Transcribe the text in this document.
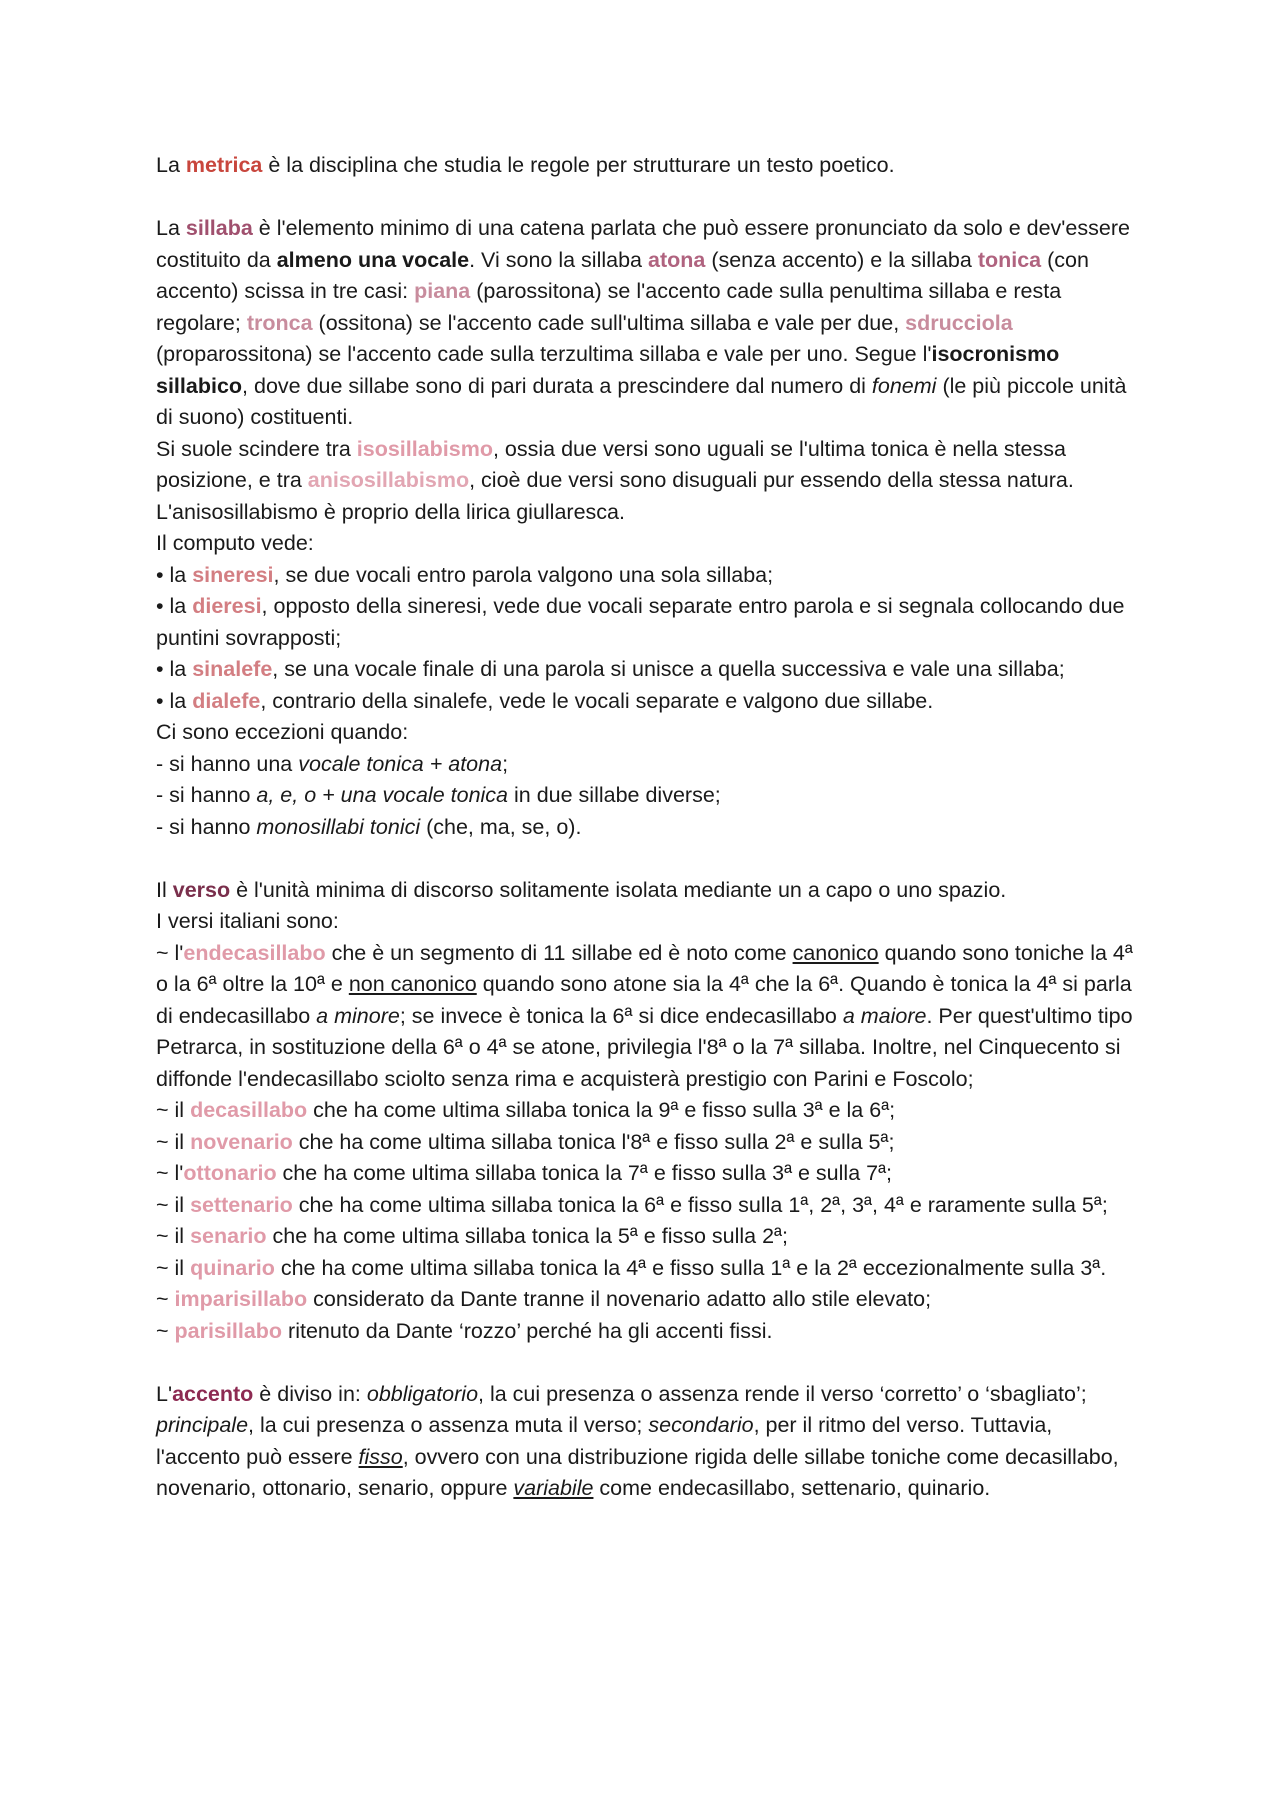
La metrica è la disciplina che studia le regole per strutturare un testo poetico.

La sillaba è l'elemento minimo di una catena parlata che può essere pronunciato da solo e dev'essere costituito da almeno una vocale. Vi sono la sillaba atona (senza accento) e la sillaba tonica (con accento) scissa in tre casi: piana (parossitona) se l'accento cade sulla penultima sillaba e resta regolare; tronca (ossitona) se l'accento cade sull'ultima sillaba e vale per due, sdrucciola (proparossitona) se l'accento cade sulla terzultima sillaba e vale per uno. Segue l'isocronismo sillabico, dove due sillabe sono di pari durata a prescindere dal numero di fonemi (le più piccole unità di suono) costituenti.

Si suole scindere tra isosillabismo, ossia due versi sono uguali se l'ultima tonica è nella stessa posizione, e tra anisosillabismo, cioè due versi sono disuguali pur essendo della stessa natura. L'anisosillabismo è proprio della lirica giullaresca.

Il computo vede:

• la sineresi, se due vocali entro parola valgono una sola sillaba;

• la dieresi, opposto della sineresi, vede due vocali separate entro parola e si segnala collocando due puntini sovrapposti;

• la sinalefe, se una vocale finale di una parola si unisce a quella successiva e vale una sillaba;

• la dialefe, contrario della sinalefe, vede le vocali separate e valgono due sillabe.

Ci sono eccezioni quando:

- si hanno una vocale tonica + atona;

- si hanno a, e, o + una vocale tonica in due sillabe diverse;

- si hanno monosillabi tonici (che, ma, se, o).

Il verso è l'unità minima di discorso solitamente isolata mediante un a capo o uno spazio.

I versi italiani sono:

~ l'endecasillabo che è un segmento di 11 sillabe ed è noto come canonico quando sono toniche la 4ª o la 6ª oltre la 10ª e non canonico quando sono atone sia la 4ª che la 6ª. Quando è tonica la 4ª si parla di endecasillabo a minore; se invece è tonica la 6ª si dice endecasillabo a maiore. Per quest'ultimo tipo Petrarca, in sostituzione della 6ª o 4ª se atone, privilegia l'8ª o la 7ª sillaba. Inoltre, nel Cinquecento si diffonde l'endecasillabo sciolto senza rima e acquisterà prestigio con Parini e Foscolo;

~ il decasillabo che ha come ultima sillaba tonica la 9ª e fisso sulla 3ª e la 6ª;

~ il novenario che ha come ultima sillaba tonica l'8ª e fisso sulla 2ª e sulla 5ª;

~ l'ottonario che ha come ultima sillaba tonica la 7ª e fisso sulla 3ª e sulla 7ª;

~ il settenario che ha come ultima sillaba tonica la 6ª e fisso sulla 1ª, 2ª, 3ª, 4ª e raramente sulla 5ª;

~ il senario che ha come ultima sillaba tonica la 5ª e fisso sulla 2ª;

~ il quinario che ha come ultima sillaba tonica la 4ª e fisso sulla 1ª e la 2ª eccezionalmente sulla 3ª.

~ imparisillabo considerato da Dante tranne il novenario adatto allo stile elevato;

~ parisillabo ritenuto da Dante ‘rozzo’ perché ha gli accenti fissi.

L'accento è diviso in: obbligatorio, la cui presenza o assenza rende il verso ‘corretto’ o ‘sbagliato’; principale, la cui presenza o assenza muta il verso; secondario, per il ritmo del verso. Tuttavia, l'accento può essere fisso, ovvero con una distribuzione rigida delle sillabe toniche come decasillabo, novenario, ottonario, senario, oppure variabile come endecasillabo, settenario, quinario.
